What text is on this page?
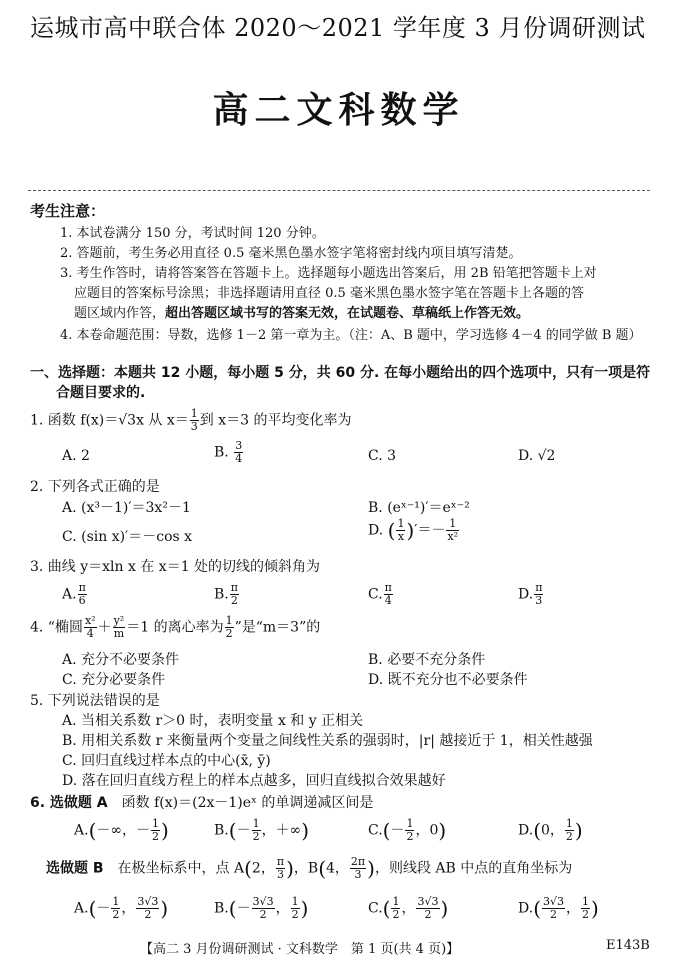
运城市高中联合体 2020～2021 学年度 3 月份调研测试
高二文科数学
考生注意：
1. 本试卷满分 150 分，考试时间 120 分钟。
2. 答题前，考生务必用直径 0.5 毫米黑色墨水签字笔将密封线内项目填写清楚。
3. 考生作答时，请将答案答在答题卡上。选择题每小题选出答案后，用 2B 铅笔把答题卡上对
应题目的答案标号涂黑；非选择题请用直径 0.5 毫米黑色墨水签字笔在答题卡上各题的答
题区域内作答，超出答题区域书写的答案无效，在试题卷、草稿纸上作答无效。
4. 本卷命题范围：导数，选修 1－2 第一章为主。（注：A、B 题中，学习选修 4－4 的同学做 B 题）
一、选择题：本题共 12 小题，每小题 5 分，共 60 分. 在每小题给出的四个选项中，只有一项是符
合题目要求的.
1. 函数 f(x)＝√3x 从 $x= \frac{1}{3}$ 到 x＝3 的平均变化率为
A. 2	B. $\frac{3}{4}$	C. 3	D. √2
2. 下列各式正确的是
A. (x³－1)′＝3x²－1	B. (eˣ⁻¹)′＝eˣ⁻²
C. (sin x)′＝－cos x	D. ( $\frac{1}{x}$ )′＝－ $\frac{1}{\text{x²}}$
3. 曲线 y＝xln x 在 x＝1 处的切线的倾斜角为
A. $\frac{\pi}{6}$	B. $\frac{\pi}{2}$	C. $\frac{\pi}{4}$	D. $\frac{\pi}{3}$
4. “椭圆 $\frac{\text{x²}}{4} + \frac{\text{y²}}{m} =1$ 的离心率为 $\frac{1}{2}$ ”是“m＝3”的
A. 充分不必要条件	B. 必要不充分条件
C. 充分必要条件	D. 既不充分也不必要条件
5. 下列说法错误的是
A. 当相关系数 r＞0 时，表明变量 x 和 y 正相关
B. 用相关系数 r 来衡量两个变量之间线性关系的强弱时，|r| 越接近于 1，相关性越强
C. 回归直线过样本点的中心(x̄, ȳ)
D. 落在回归直线方程上的样本点越多，回归直线拟合效果越好
6. 选做题 A　 函数 f(x)＝(2x－1)eˣ 的单调递减区间是
A.(－∞，－ $\frac{1}{2}$ )	$B.(- \frac{1}{2}$ ，＋∞)	$C.(- \frac{1}{2}$ ，0)	D.(0， $\frac{1}{2}$ )
选做题 B　 在极坐标系中，点 A(2， $\frac{\pi}{3}$ )，B(4， $\frac{2\pi}{3}$ )，则线段 AB 中点的直角坐标为
$A.(- \frac{1}{2}$ ， $\frac{3√3}{2}$ )	$B.(- \frac{3√3}{2}$ ， $\frac{1}{2}$ )	$C.( \frac{1}{2}$ ， $\frac{3√3}{2}$ )	$D.( \frac{3√3}{2}$ ， $\frac{1}{2}$ )
【高二 3 月份调研测试 · 文科数学　第 1 页(共 4 页)】	E143B
